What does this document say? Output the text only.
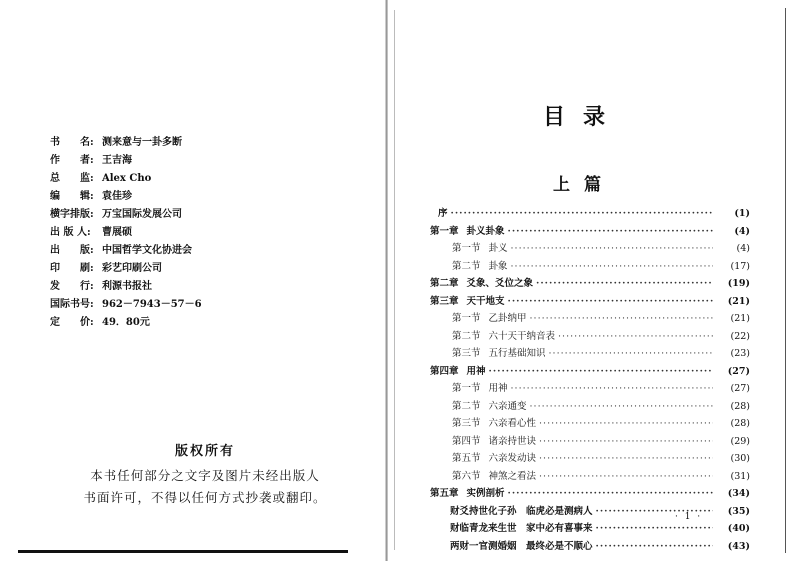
书　　名: 测来意与一卦多断
作　　者: 王吉海
总　　监: Alex Cho
编　　辑: 袁佳珍
横字排版: 万宝国际发展公司
出 版 人:	曹展硕
出　　版: 中国哲学文化协进会
印　　刷: 彩艺印刷公司
发　　行: 利源书报社
国际书号: 962－7943－57－6
定　　价: 49．80元
版权所有
本书任何部分之文字及图片未经出版人
书面许可，不得以任何方式抄袭或翻印。
目录
上篇
序 ·····	(1)
第一章 卦义卦象 ·····	(4)
第一节 卦义 ·····	(4)
第二节 卦象 ·····	(17)
第二章 爻象、爻位之象 ·····	(19)
第三章 天干地支 ·····	(21)
第一节 乙卦纳甲 ·····	(21)
第二节 六十天干纳音表 ·····	(22)
第三节 五行基础知识 ·····	(23)
第四章 用神 ·····	(27)
第一节 用神 ·····	(27)
第二节 六亲通变 ·····	(28)
第三节 六亲看心性 ·····	(28)
第四节 诸亲持世诀 ·····	(29)
第五节 六亲发动诀 ·····	(30)
第六节 神煞之看法 ·····	(31)
第五章 实例剖析 ·····	(34)
财爻持世化子孙　临虎必是测病人 ·····	(35)
财临青龙来生世　家中必有喜事来 ·····	(40)
两财一官测婚姻　最终必是不顺心 ·····	(43)
· 1 ·
